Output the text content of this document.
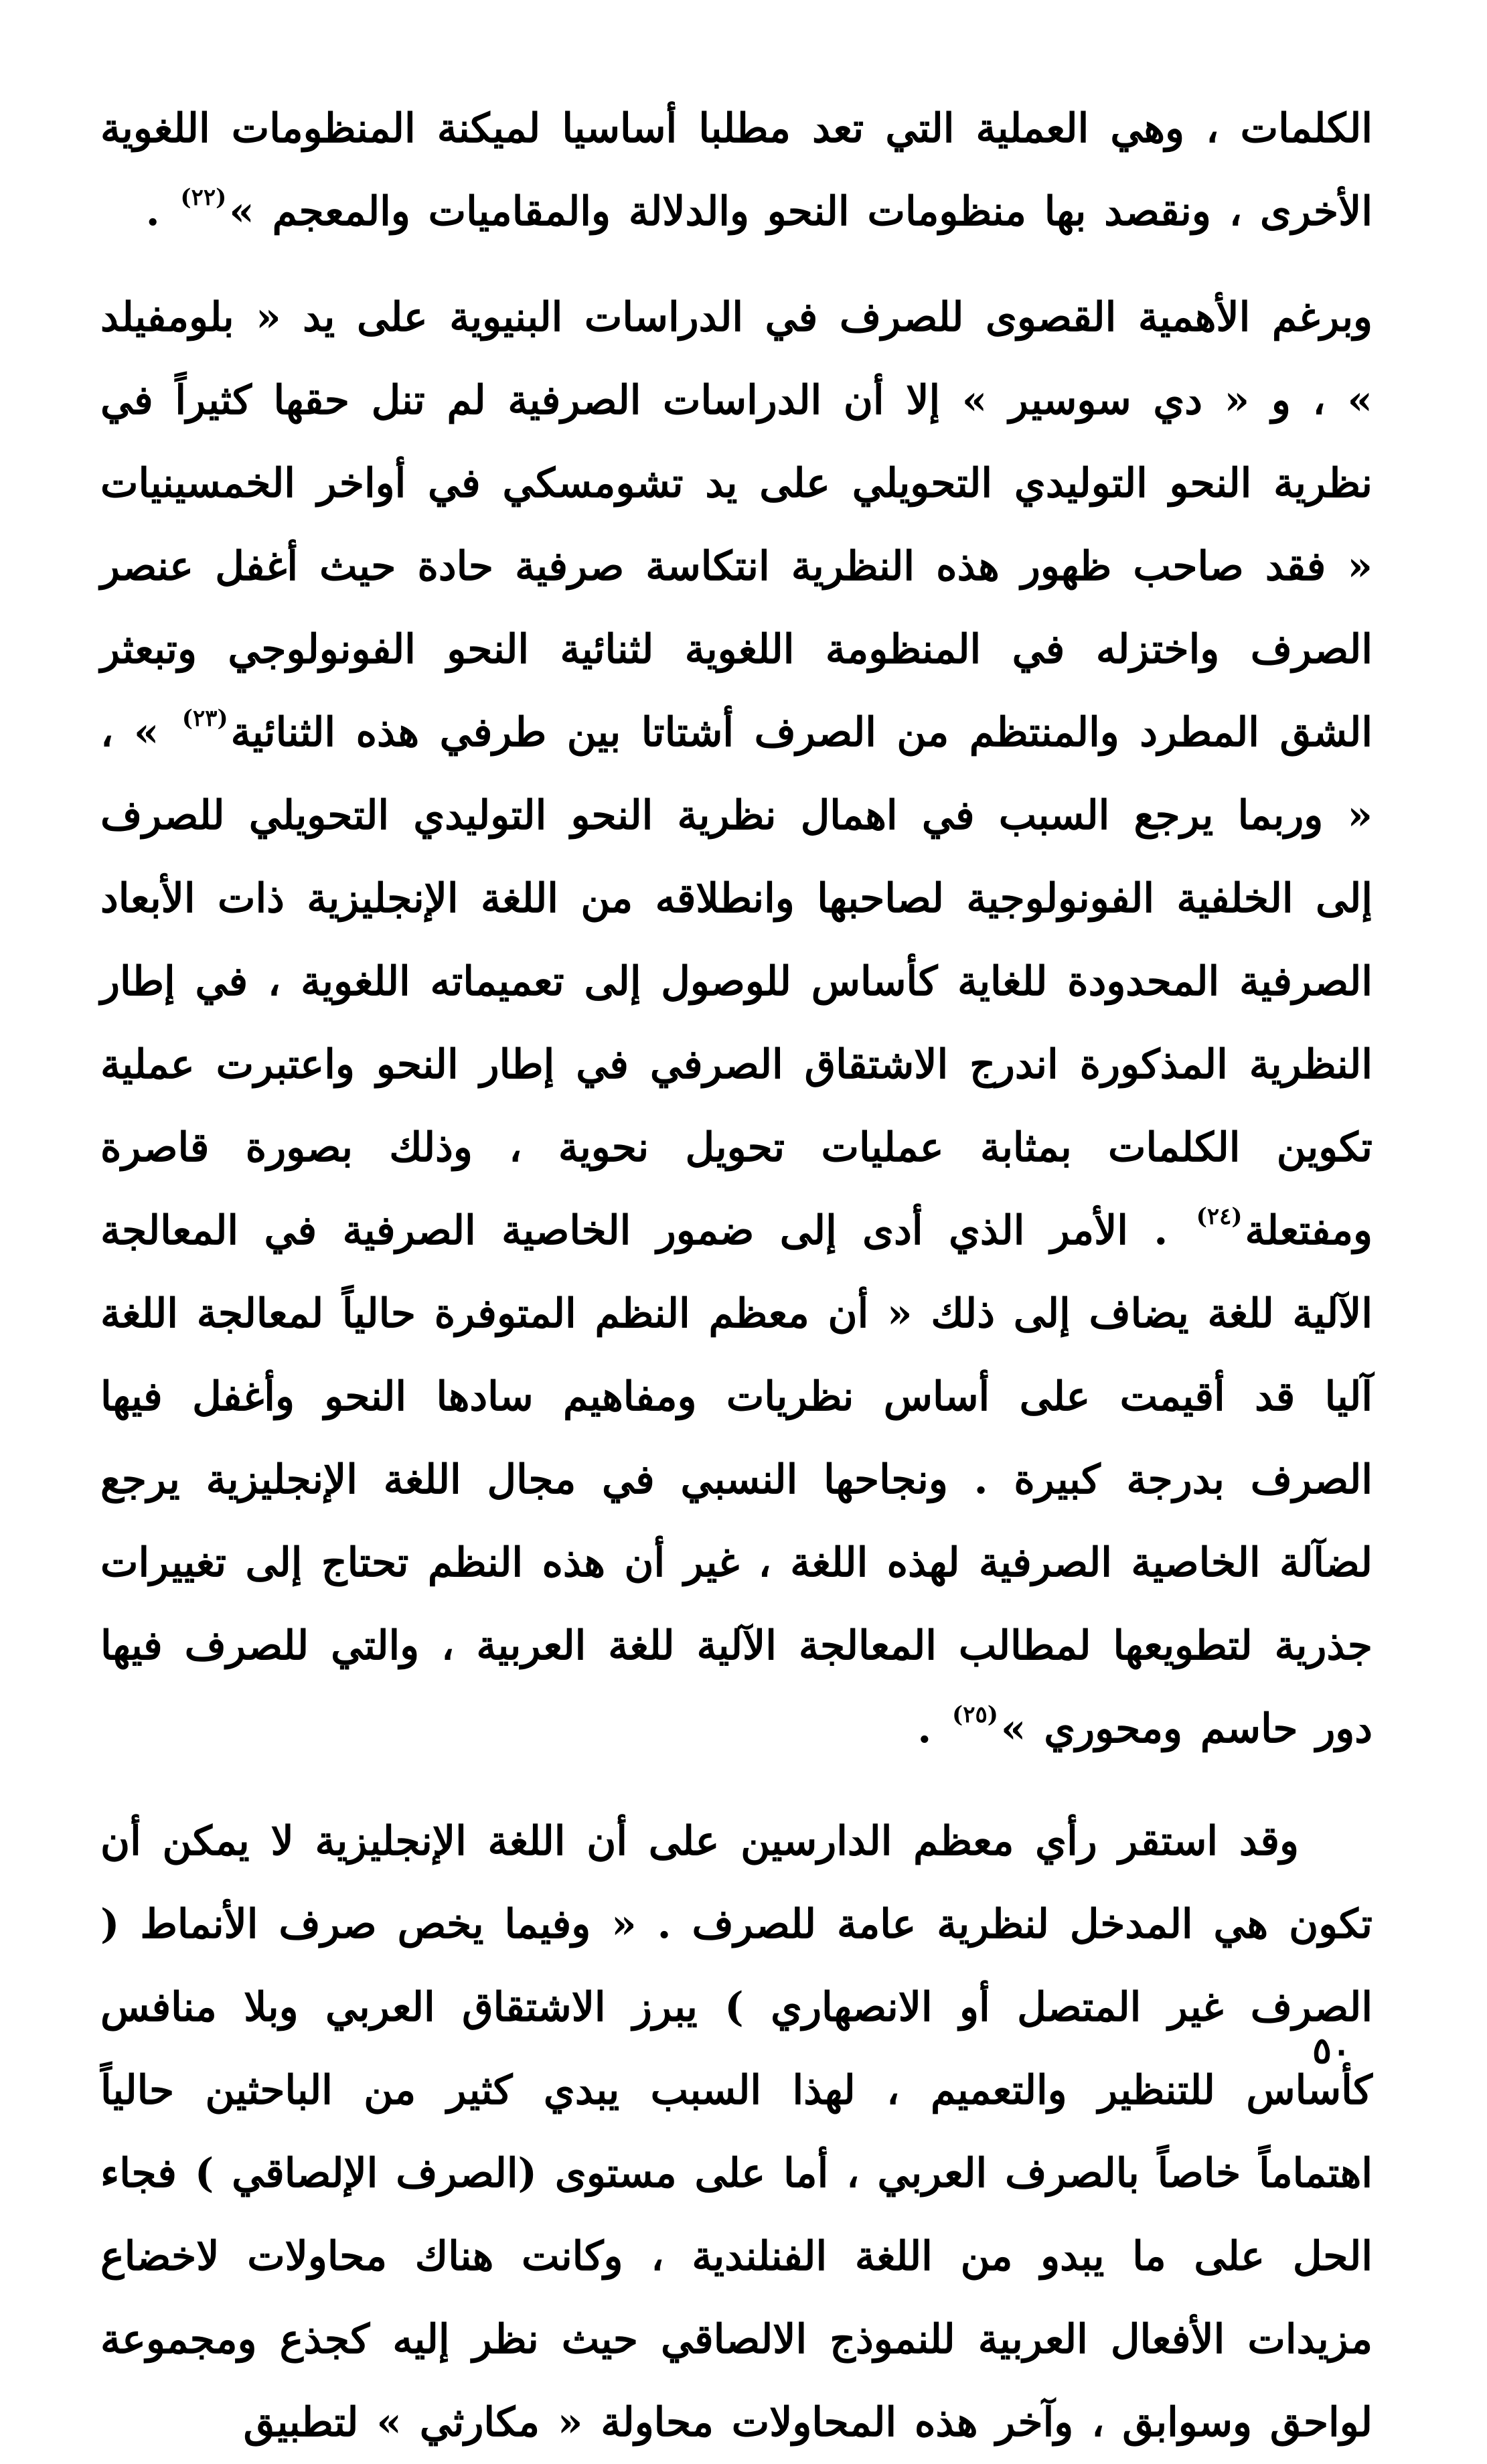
الكلمات ، وهي العملية التي تعد مطلبا أساسيا لميكنة المنظومات اللغوية الأخرى ، ونقصد بها منظومات النحو والدلالة والمقاميات والمعجم »$^{(٢٢)}$ .

وبرغم الأهمية القصوى للصرف في الدراسات البنيوية على يد « بلومفيلد » ، و « دي سوسير » إلا أن الدراسات الصرفية لم تنل حقها كثيراً في نظرية النحو التوليدي التحويلي على يد تشومسكي في أواخر الخمسينيات « فقد صاحب ظهور هذه النظرية انتكاسة صرفية حادة حيث أغفل عنصر الصرف واختزله في المنظومة اللغوية لثنائية النحو الفونولوجي وتبعثر الشق المطرد والمنتظم من الصرف أشتاتا بين طرفي هذه الثنائية$^{(٢٣)}$ » ، « وربما يرجع السبب في اهمال نظرية النحو التوليدي التحويلي للصرف إلى الخلفية الفونولوجية لصاحبها وانطلاقه من اللغة الإنجليزية ذات الأبعاد الصرفية المحدودة للغاية كأساس للوصول إلى تعميماته اللغوية ، في إطار النظرية المذكورة اندرج الاشتقاق الصرفي في إطار النحو واعتبرت عملية تكوين الكلمات بمثابة عمليات تحويل نحوية ، وذلك بصورة قاصرة ومفتعلة$^{(٢٤)}$ . الأمر الذي أدى إلى ضمور الخاصية الصرفية في المعالجة الآلية للغة يضاف إلى ذلك « أن معظم النظم المتوفرة حالياً لمعالجة اللغة آليا قد أقيمت على أساس نظريات ومفاهيم سادها النحو وأغفل فيها الصرف بدرجة كبيرة . ونجاحها النسبي في مجال اللغة الإنجليزية يرجع لضآلة الخاصية الصرفية لهذه اللغة ، غير أن هذه النظم تحتاج إلى تغييرات جذرية لتطويعها لمطالب المعالجة الآلية للغة العربية ، والتي للصرف فيها دور حاسم ومحوري »$^{(٢٥)}$ .

وقد استقر رأي معظم الدارسين على أن اللغة الإنجليزية لا يمكن أن تكون هي المدخل لنظرية عامة للصرف . « وفيما يخص صرف الأنماط ( الصرف غير المتصل أو الانصهاري ) يبرز الاشتقاق العربي وبلا منافس كأساس للتنظير والتعميم ، لهذا السبب يبدي كثير من الباحثين حالياً اهتماماً خاصاً بالصرف العربي ، أما على مستوى (الصرف الإلصاقي ) فجاء الحل على ما يبدو من اللغة الفنلندية ، وكانت هناك محاولات لاخضاع مزيدات الأفعال العربية للنموذج الالصاقي حيث نظر إليه كجذع ومجموعة لواحق وسوابق ، وآخر هذه المحاولات محاولة « مكارثي » لتطبيق

٥٠
